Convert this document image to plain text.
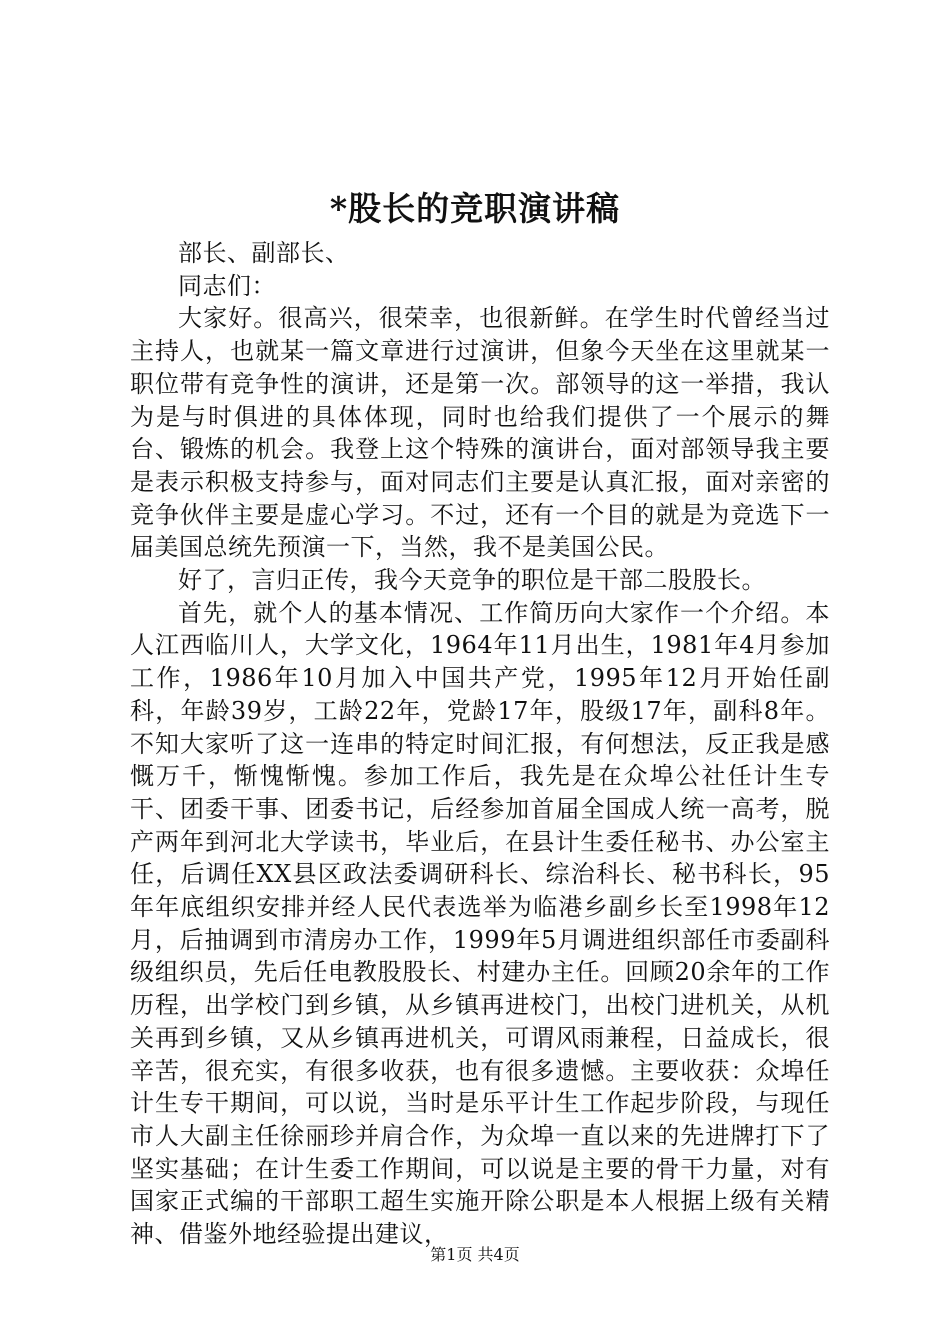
*股长的竞职演讲稿

部长、副部长、

同志们：

大家好。很高兴，很荣幸，也很新鲜。在学生时代曾经当过主持人，也就某一篇文章进行过演讲，但象今天坐在这里就某一职位带有竞争性的演讲，还是第一次。部领导的这一举措，我认为是与时俱进的具体体现，同时也给我们提供了一个展示的舞台、锻炼的机会。我登上这个特殊的演讲台，面对部领导我主要是表示积极支持参与，面对同志们主要是认真汇报，面对亲密的竞争伙伴主要是虚心学习。不过，还有一个目的就是为竞选下一届美国总统先预演一下，当然，我不是美国公民。

好了，言归正传，我今天竞争的职位是干部二股股长。

首先，就个人的基本情况、工作简历向大家作一个介绍。本人江西临川人，大学文化，1964年11月出生，1981年4月参加工作，1986年10月加入中国共产党，1995年12月开始任副科，年龄39岁，工龄22年，党龄17年，股级17年，副科8年。不知大家听了这一连串的特定时间汇报，有何想法，反正我是感慨万千，惭愧惭愧。参加工作后，我先是在众埠公社任计生专干、团委干事、团委书记，后经参加首届全国成人统一高考，脱产两年到河北大学读书，毕业后，在县计生委任秘书、办公室主任，后调任XX县区政法委调研科长、综治科长、秘书科长，95年年底组织安排并经人民代表选举为临港乡副乡长至1998年12月，后抽调到市清房办工作，1999年5月调进组织部任市委副科级组织员，先后任电教股股长、村建办主任。回顾20余年的工作历程，出学校门到乡镇，从乡镇再进校门，出校门进机关，从机关再到乡镇，又从乡镇再进机关，可谓风雨兼程，日益成长，很辛苦，很充实，有很多收获，也有很多遗憾。主要收获：众埠任计生专干期间，可以说，当时是乐平计生工作起步阶段，与现任市人大副主任徐丽珍并肩合作，为众埠一直以来的先进牌打下了坚实基础；在计生委工作期间，可以说是主要的骨干力量，对有国家正式编的干部职工超生实施开除公职是本人根据上级有关精神、借鉴外地经验提出建议，

第1页 共4页
